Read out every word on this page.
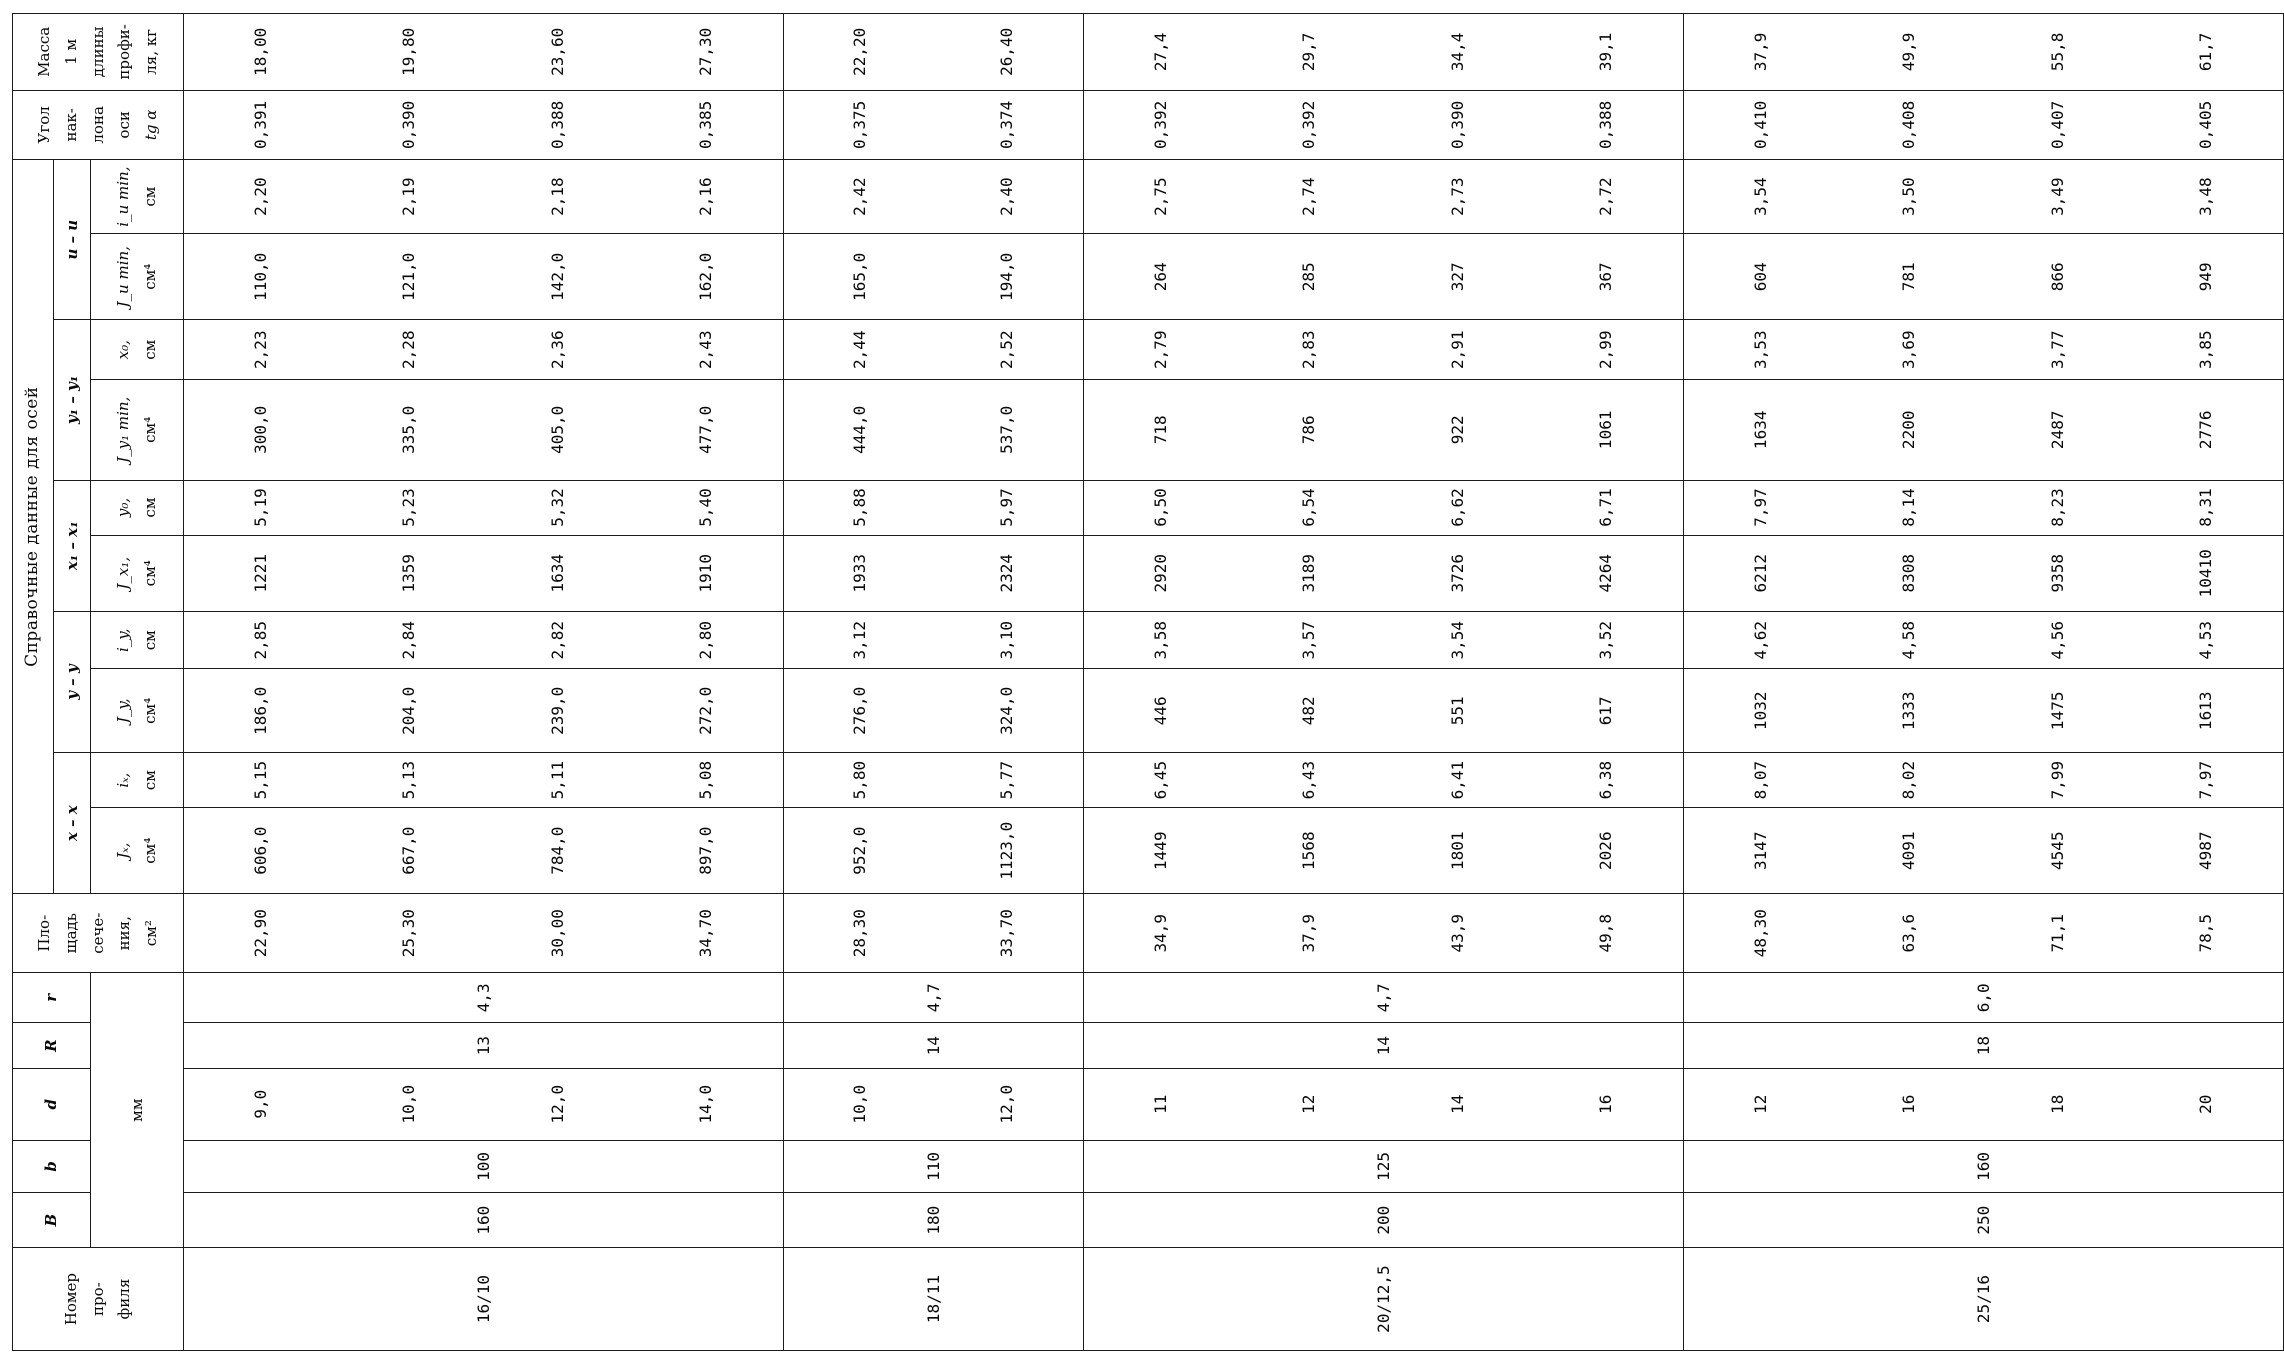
Номер про- филя	B	b	d	R	r	Пло- щадь сече- ния, см²	Справочные данные для осей										Угол нак- лона оси tg α	Масса 1 м длины профи- ля, кг

							x – x		y – y		x₁ – x₁		y₁ – y₁		u – u			
	мм						Jₓ, см⁴	iₓ, см	J_y, см⁴	i_y, см	J_x₁, см⁴	y₀, см	J_y₁ min, см⁴	x₀, см	J_u min, см⁴	i_u min, см		

16/10	160	100	9,0 10,0 12,0 14,0	13	4,3	22,90 25,30 30,00 34,70	606,0 667,0 784,0 897,0	5,15 5,13 5,11 5,08	186,0 204,0 239,0 272,0	2,85 2,84 2,82 2,80	1221 1359 1634 1910	5,19 5,23 5,32 5,40	300,0 335,0 405,0 477,0	2,23 2,28 2,36 2,43	110,0 121,0 142,0 162,0	2,20 2,19 2,18 2,16	0,391 0,390 0,388 0,385	18,00 19,80 23,60 27,30

18/11	180	110	10,0 12,0	14	4,7	28,30 33,70	952,0 1123,0	5,80 5,77	276,0 324,0	3,12 3,10	1933 2324	5,88 5,97	444,0 537,0	2,44 2,52	165,0 194,0	2,42 2,40	0,375 0,374	22,20 26,40

20/12,5	200	125	11 12 14 16	14	4,7	34,9 37,9 43,9 49,8	1449 1568 1801 2026	6,45 6,43 6,41 6,38	446 482 551 617	3,58 3,57 3,54 3,52	2920 3189 3726 4264	6,50 6,54 6,62 6,71	718 786 922 1061	2,79 2,83 2,91 2,99	264 285 327 367	2,75 2,74 2,73 2,72	0,392 0,392 0,390 0,388	27,4 29,7 34,4 39,1

25/16	250	160	12 16 18 20	18	6,0	48,30 63,6 71,1 78,5	3147 4091 4545 4987	8,07 8,02 7,99 7,97	1032 1333 1475 1613	4,62 4,58 4,56 4,53	6212 8308 9358 10410	7,97 8,14 8,23 8,31	1634 2200 2487 2776	3,53 3,69 3,77 3,85	604 781 866 949	3,54 3,50 3,49 3,48	0,410 0,408 0,407 0,405	37,9 49,9 55,8 61,7
